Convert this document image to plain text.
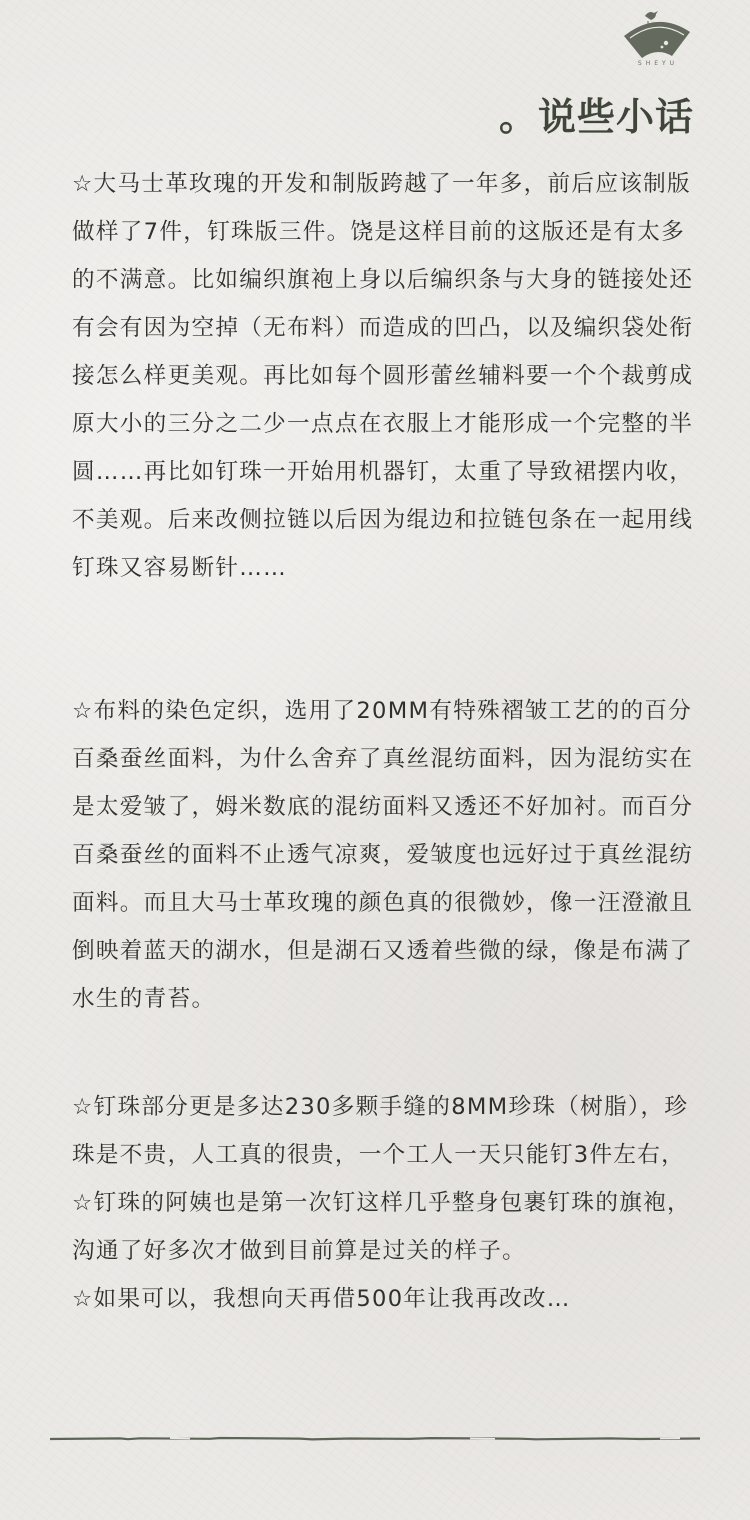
SHEYU
。说些小话

☆大马士革玫瑰的开发和制版跨越了一年多，前后应该制版做样了7件，钉珠版三件。饶是这样目前的这版还是有太多的不满意。比如编织旗袍上身以后编织条与大身的链接处还有会有因为空掉（无布料）而造成的凹凸，以及编织袋处衔接怎么样更美观。再比如每个圆形蕾丝辅料要一个个裁剪成原大小的三分之二少一点点在衣服上才能形成一个完整的半圆……再比如钉珠一开始用机器钉，太重了导致裙摆内收，不美观。后来改侧拉链以后因为绲边和拉链包条在一起用线钉珠又容易断针……

☆布料的染色定织，选用了20MM有特殊褶皱工艺的的百分百桑蚕丝面料，为什么舍弃了真丝混纺面料，因为混纺实在是太爱皱了，姆米数底的混纺面料又透还不好加衬。而百分百桑蚕丝的面料不止透气凉爽，爱皱度也远好过于真丝混纺面料。而且大马士革玫瑰的颜色真的很微妙，像一汪澄澈且倒映着蓝天的湖水，但是湖石又透着些微的绿，像是布满了水生的青苔。

☆钉珠部分更是多达230多颗手缝的8MM珍珠（树脂），珍珠是不贵，人工真的很贵，一个工人一天只能钉3件左右，

☆钉珠的阿姨也是第一次钉这样几乎整身包裹钉珠的旗袍，沟通了好多次才做到目前算是过关的样子。

☆如果可以，我想向天再借500年让我再改改…
